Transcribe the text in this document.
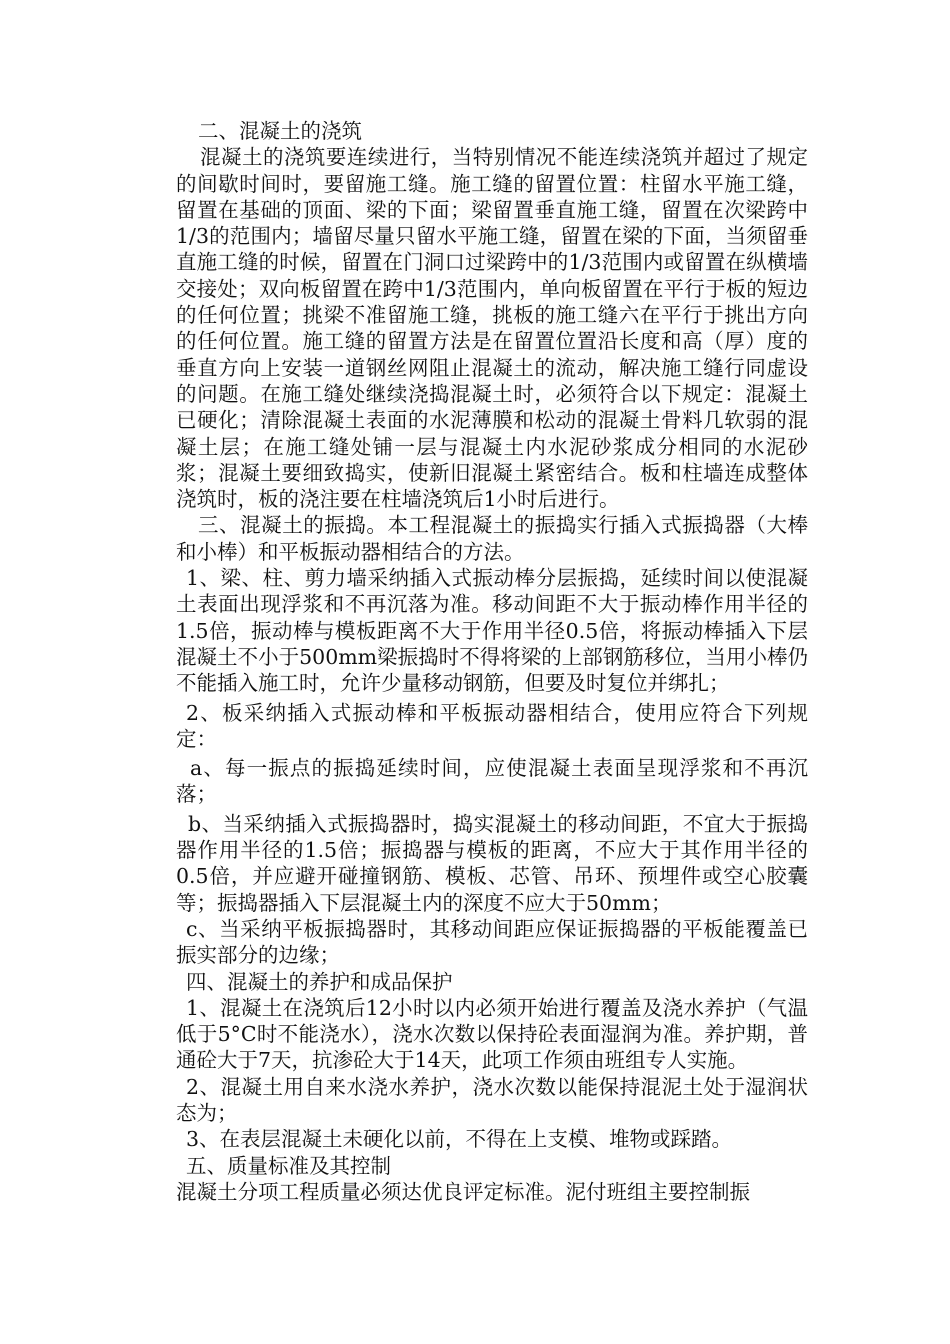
二、混凝土的浇筑

混凝土的浇筑要连续进行，当特别情况不能连续浇筑并超过了规定的间歇时间时，要留施工缝。施工缝的留置位置：柱留水平施工缝，留置在基础的顶面、梁的下面；梁留置垂直施工缝，留置在次梁跨中1/3的范围内；墙留尽量只留水平施工缝，留置在梁的下面，当须留垂直施工缝的时候，留置在门洞口过梁跨中的1/3范围内或留置在纵横墙交接处；双向板留置在跨中1/3范围内，单向板留置在平行于板的短边的任何位置；挑梁不准留施工缝，挑板的施工缝六在平行于挑出方向的任何位置。施工缝的留置方法是在留置位置沿长度和高（厚）度的垂直方向上安装一道钢丝网阻止混凝土的流动，解决施工缝行同虚设的问题。在施工缝处继续浇捣混凝土时，必须符合以下规定：混凝土已硬化；清除混凝土表面的水泥薄膜和松动的混凝土骨料几软弱的混凝土层；在施工缝处铺一层与混凝土内水泥砂浆成分相同的水泥砂浆；混凝土要细致捣实，使新旧混凝土紧密结合。板和柱墙连成整体浇筑时，板的浇注要在柱墙浇筑后1小时后进行。

三、混凝土的振捣。本工程混凝土的振捣实行插入式振捣器（大棒和小棒）和平板振动器相结合的方法。

1、梁、柱、剪力墙采纳插入式振动棒分层振捣，延续时间以使混凝土表面出现浮浆和不再沉落为准。移动间距不大于振动棒作用半径的1.5倍，振动棒与模板距离不大于作用半径0.5倍，将振动棒插入下层混凝土不小于500mm梁振捣时不得将梁的上部钢筋移位，当用小棒仍不能插入施工时，允许少量移动钢筋，但要及时复位并绑扎；

2、板采纳插入式振动棒和平板振动器相结合，使用应符合下列规定：

a、每一振点的振捣延续时间，应使混凝土表面呈现浮浆和不再沉落；

b、当采纳插入式振捣器时，捣实混凝土的移动间距，不宜大于振捣器作用半径的1.5倍；振捣器与模板的距离，不应大于其作用半径的0.5倍，并应避开碰撞钢筋、模板、芯管、吊环、预埋件或空心胶囊等；振捣器插入下层混凝土内的深度不应大于50mm；

c、当采纳平板振捣器时，其移动间距应保证振捣器的平板能覆盖已振实部分的边缘；

四、混凝土的养护和成品保护

1、混凝土在浇筑后12小时以内必须开始进行覆盖及浇水养护（气温低于5°C时不能浇水），浇水次数以保持砼表面湿润为准。养护期，普通砼大于7天，抗渗砼大于14天，此项工作须由班组专人实施。

2、混凝土用自来水浇水养护，浇水次数以能保持混泥土处于湿润状态为；

3、在表层混凝土未硬化以前，不得在上支模、堆物或踩踏。

五、质量标准及其控制

混凝土分项工程质量必须达优良评定标准。泥付班组主要控制振
